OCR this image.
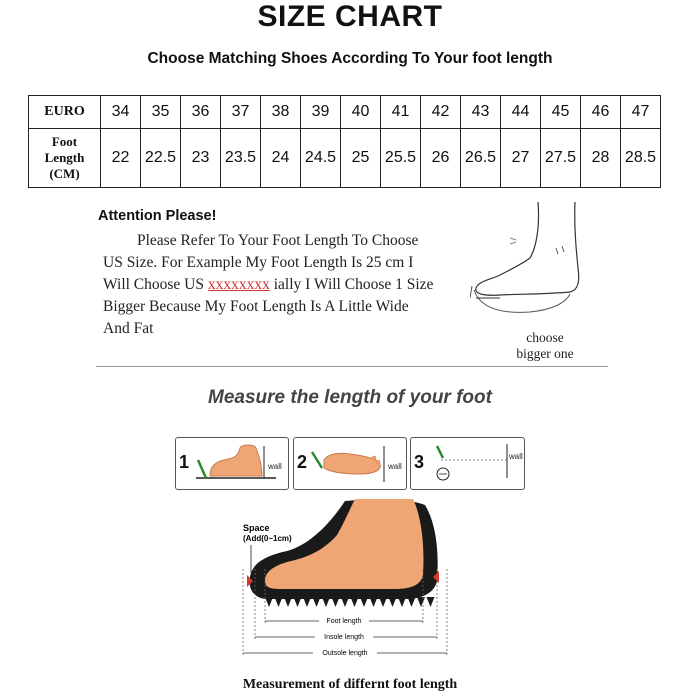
SIZE CHART
Choose Matching Shoes According To Your foot length
EURO	34	35	36	37	38	39	40	41	42	43	44	45	46	47
Foot
Length
(CM)	22	22.5	23	23.5	24	24.5	25	25.5	26	26.5	27	27.5	28	28.5
Attention Please!
Please Refer To Your Foot Length To Choose
US Size. For Example My Foot Length Is 25 cm I
Will Choose US xxxxxxxx ially I Will Choose 1 Size
Bigger Because My Foot Length Is A Little Wide
And Fat
choose
bigger one
Measure the length of your foot
1	wall 2	wall 3	wall
Foot length
Insole length
Outsole length
Space
(Add(0~1cm)
Measurement of differnt foot length
